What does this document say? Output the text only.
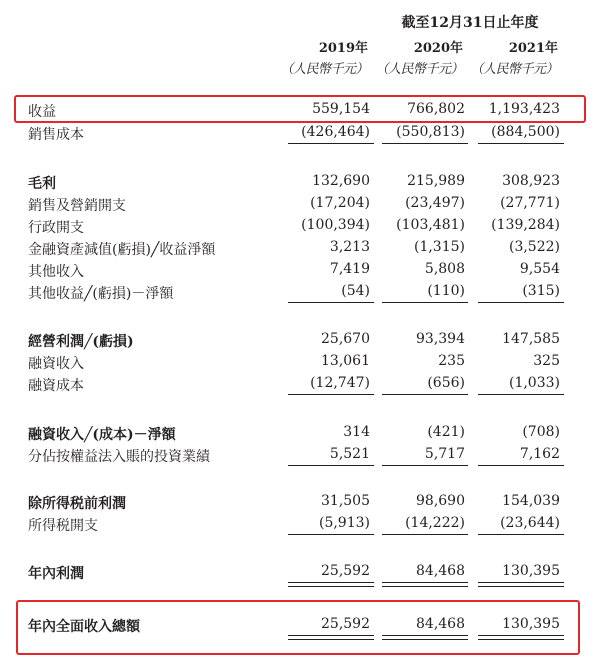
截至12月31日止年度
2019年	2020年	2021年
（人民幣千元） （人民幣千元） （人民幣千元）
收益	559,154	766,802	1,193,423
銷售成本	(426,464)	(550,813)	(884,500)
毛利	132,690	215,989	308,923
銷售及營銷開支	(17,204)	(23,497)	(27,771)
行政開支	(100,394)	(103,481)	(139,284)
金融資產減值(虧損)╱收益淨額	3,213	(1,315)	(3,522)
其他收入	7,419	5,808	9,554
其他收益╱(虧損)－淨額	(54)	(110)	(315)
經營利潤╱(虧損)	25,670	93,394	147,585
融資收入	13,061	235	325
融資成本	(12,747)	(656)	(1,033)
融資收入╱(成本)－淨額	314	(421)	(708)
分佔按權益法入賬的投資業績	5,521	5,717	7,162
除所得税前利潤	31,505	98,690	154,039
所得税開支	(5,913)	(14,222)	(23,644)
年內利潤	25,592	84,468	130,395
年內全面收入總額	25,592	84,468	130,395
